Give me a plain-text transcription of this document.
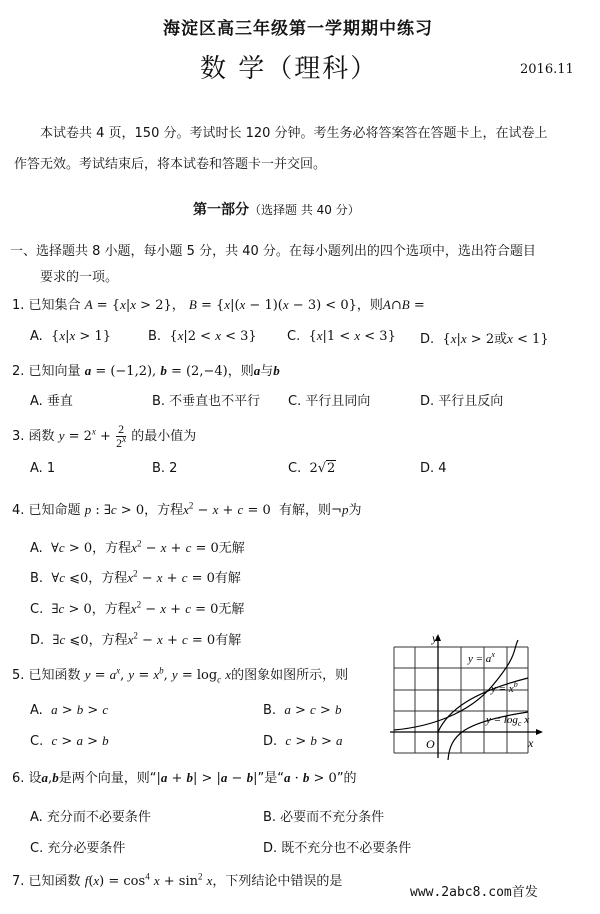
海淀区高三年级第一学期期中练习
数 学（理科）	2016.11
本试卷共 4 页，150 分。考试时长 120 分钟。考生务必将答案答在答题卡上，在试卷上
作答无效。考试结束后，将本试卷和答题卡一并交回。
第一部分（选择题 共 40 分）
一、选择题共 8 小题，每小题 5 分，共 40 分。在每小题列出的四个选项中，选出符合题目
要求的一项。
1. 已知集合 A = {x|x > 2}， B = {x|(x − 1)(x − 3) < 0}，则A∩B =
A.  {x|x > 1}	B.  {x|2 < x < 3} C.  {x|1 < x < 3} D.  {x|x > 2或x < 1}
2. 已知向量 a = (−1,2), b = (2,−4)，则a与b
A. 垂直	B. 不垂直也不平行 C. 平行且同向	D. 平行且反向
3. 函数 $y = 2^x + \frac{2}{2^x}$ 的最小值为
A. 1	B. 2	C.  2√2	D. 4
4. 已知命题 p : ∃c > 0，方程$x^2 - x + c = 0$  有解，则¬p为
A.  ∀c > 0，方程$x^2 - x + c = 0$无解
B.  ∀c ⩽0，方程$x^2 - x + c = 0$有解
C.  ∃c > 0，方程$x^2 - x + c = 0$无解
D.  ∃c ⩽0，方程$x^2 - x + c = 0$有解	y
x
O
$y = a^x$
$y = x^b$
$y = \log_c x$
5. 已知函数 $y = a^x$, $y = x^b$, $y = \log_c x$的图象如图所示，则
A. a > b > c	B. a > c > b
C. c > a > b	D. c > b > a
6. 设a,b是两个向量，则“|a + b| > |a − b|”是“a · b > 0”的
A. 充分而不必要条件	B. 必要而不充分条件
C. 充分必要条件	D. 既不充分也不必要条件
7. 已知函数 $f(x) = \cos^4 x + \sin^2 x$，下列结论中错误的是
www.2abc8.com首发
